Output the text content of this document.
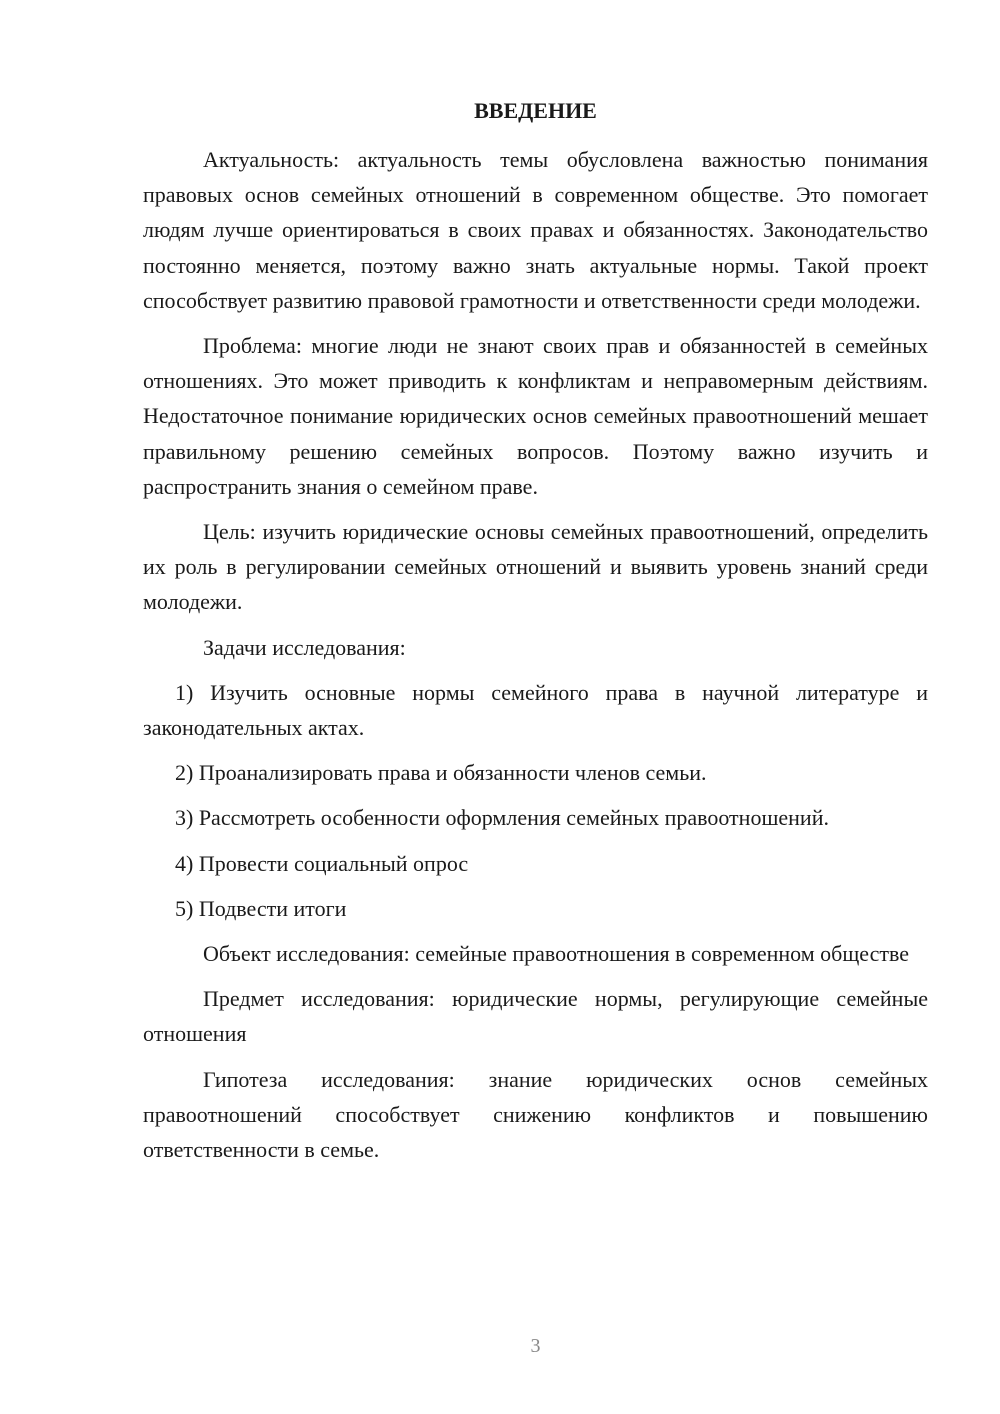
ВВЕДЕНИЕ

Актуальность: актуальность темы обусловлена важностью понимания правовых основ семейных отношений в современном обществе. Это помогает людям лучше ориентироваться в своих правах и обязанностях. Законодательство постоянно меняется, поэтому важно знать актуальные нормы. Такой проект способствует развитию правовой грамотности и ответственности среди молодежи.

Проблема: многие люди не знают своих прав и обязанностей в семейных отношениях. Это может приводить к конфликтам и неправомерным действиям. Недостаточное понимание юридических основ семейных правоотношений мешает правильному решению семейных вопросов. Поэтому важно изучить и распространить знания о семейном праве.

Цель: изучить юридические основы семейных правоотношений, определить их роль в регулировании семейных отношений и выявить уровень знаний среди молодежи.

Задачи исследования:

1) Изучить основные нормы семейного права в научной литературе и законодательных актах.

2) Проанализировать права и обязанности членов семьи.

3) Рассмотреть особенности оформления семейных правоотношений.

4) Провести социальный опрос

5) Подвести итоги

Объект исследования: семейные правоотношения в современном обществе

Предмет исследования: юридические нормы, регулирующие семейные отношения

Гипотеза исследования: знание юридических основ семейных правоотношений способствует снижению конфликтов и повышению ответственности в семье.

3
